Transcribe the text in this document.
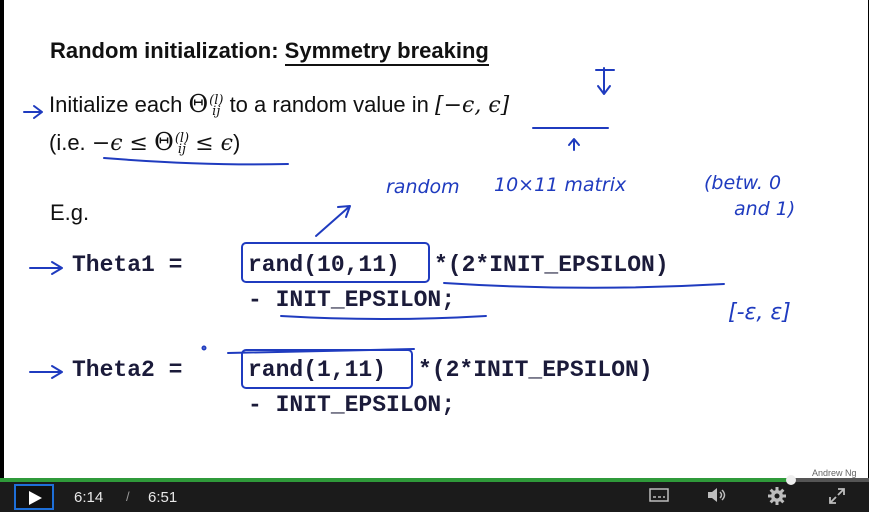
Random initialization: Symmetry breaking
Initialize each Θ (l)
ij to a random value in [−ϵ, ϵ]
(i.e. −ϵ ≤ Θ (l)
ij ≤ ϵ)
E.g.
Theta1 =	rand(10,11) *(2*INIT_EPSILON)
- INIT_EPSILON;
Theta2 =	rand(1,11) *(2*INIT_EPSILON)
- INIT_EPSILON;
random 10×11 matrix	(betw. 0
and 1)
[-ε, ε]
Andrew Ng
6:14 / 6:51
